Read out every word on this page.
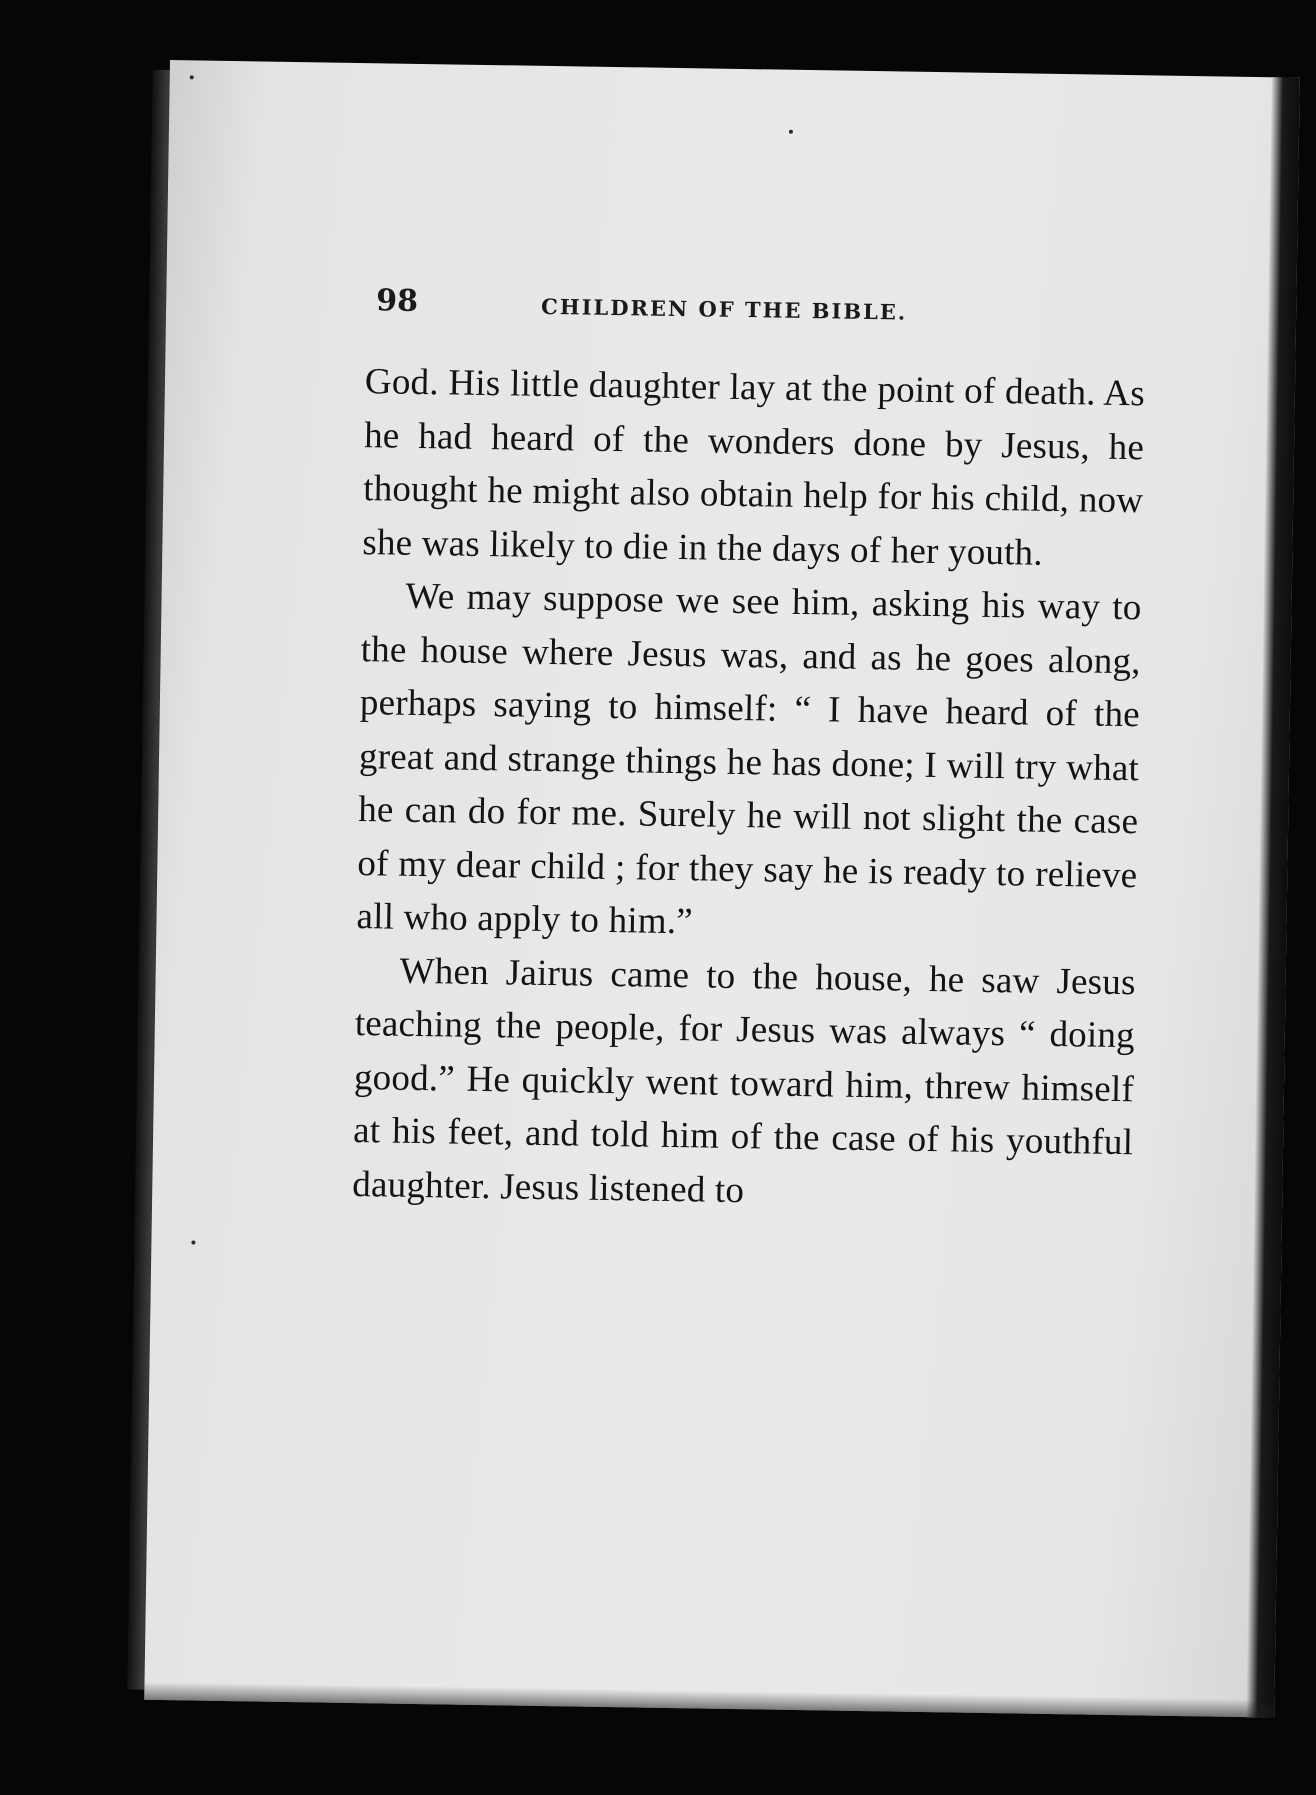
98	CHILDREN OF THE BIBLE.

God. His little daughter lay at the point of death. As he had heard of the wonders done by Jesus, he thought he might also obtain help for his child, now she was likely to die in the days of her youth.

We may suppose we see him, asking his way to the house where Jesus was, and as he goes along, perhaps saying to himself: “ I have heard of the great and strange things he has done; I will try what he can do for me. Surely he will not slight the case of my dear child ; for they say he is ready to relieve all who apply to him.”

When Jairus came to the house, he saw Jesus teaching the people, for Jesus was always “ doing good.” He quickly went toward him, threw himself at his feet, and told him of the case of his youthful daughter. Jesus listened to
